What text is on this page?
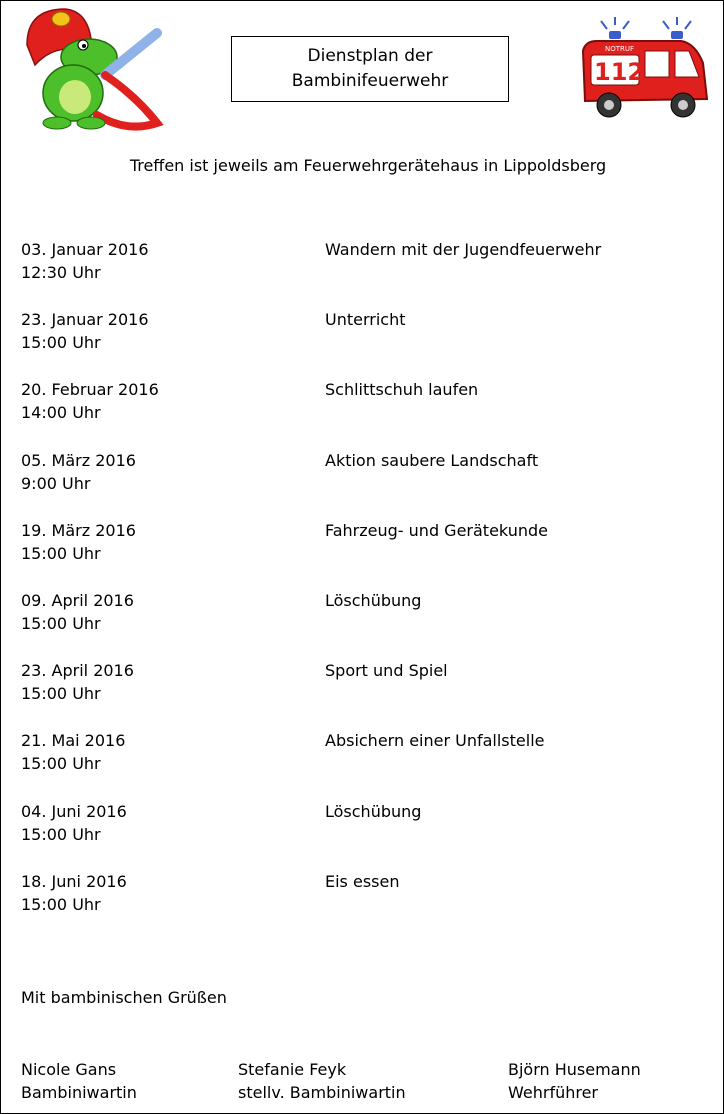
Dienstplan der
Bambinifeuerwehr
NOTRUF
112
Treffen ist jeweils am Feuerwehrgerätehaus in Lippoldsberg
03. Januar 2016
12:30 Uhr
Wandern mit der Jugendfeuerwehr
23. Januar 2016
15:00 Uhr
Unterricht
20. Februar 2016
14:00 Uhr
Schlittschuh laufen
05. März 2016
9:00 Uhr
Aktion saubere Landschaft
19. März 2016
15:00 Uhr
Fahrzeug- und Gerätekunde
09. April 2016
15:00 Uhr
Löschübung
23. April 2016
15:00 Uhr
Sport und Spiel
21. Mai 2016
15:00 Uhr
Absichern einer Unfallstelle
04. Juni 2016
15:00 Uhr
Löschübung
18. Juni 2016
15:00 Uhr
Eis essen
Mit bambinischen Grüßen
Nicole Gans
Bambiniwartin
Stefanie Feyk
stellv. Bambiniwartin
Björn Husemann
Wehrführer
